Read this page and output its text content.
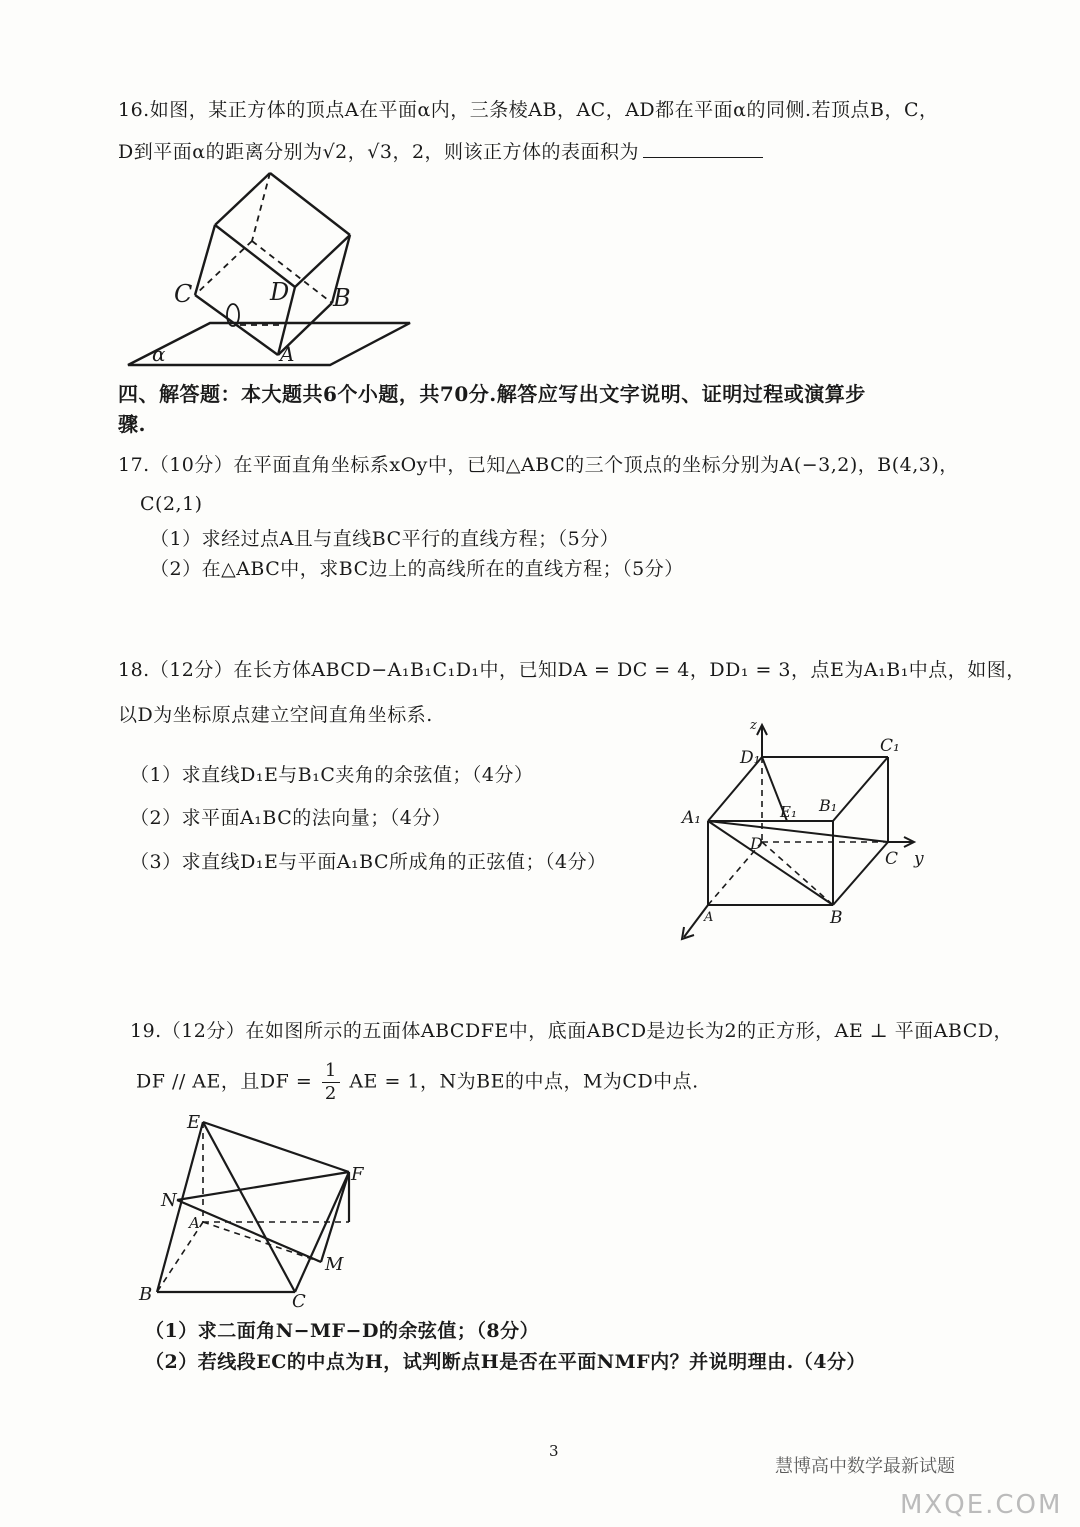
16.如图，某正方体的顶点A在平面α内，三条棱AB，AC，AD都在平面α的同侧.若顶点B，C，
D到平面α的距离分别为√2，√3，2，则该正方体的表面积为
C	D B
A
α
四、解答题：本大题共6个小题，共70分.解答应写出文字说明、证明过程或演算步
骤.
17.（10分）在平面直角坐标系xOy中，已知△ABC的三个顶点的坐标分别为A(−3,2)，B(4,3)，
C(2,1)
（1）求经过点A且与直线BC平行的直线方程；（5分）
（2）在△ABC中，求BC边上的高线所在的直线方程；（5分）
18.（12分）在长方体ABCD−A₁B₁C₁D₁中，已知DA = DC = 4，DD₁ = 3，点E为A₁B₁中点，如图，
以D为坐标原点建立空间直角坐标系.
（1）求直线D₁E与B₁C夹角的余弦值；（4分）
（2）求平面A₁BC的法向量；（4分）
（3）求直线D₁E与平面A₁BC所成角的正弦值；（4分）
z
D₁
C₁
A₁	E₁ B₁
D
C y
A	B
19.（12分）在如图所示的五面体ABCDFE中，底面ABCD是边长为2的正方形，AE ⊥ 平面ABCD，
DF // AE，且DF = $\frac{1}{2}$ AE = 1，N为BE的中点，M为CD中点.
E
F
N
A
M
B	C
（1）求二面角N−MF−D的余弦值；（8分）
（2）若线段EC的中点为H，试判断点H是否在平面NMF内？并说明理由.（4分）
3
慧博高中数学最新试题
MXQE.COM
